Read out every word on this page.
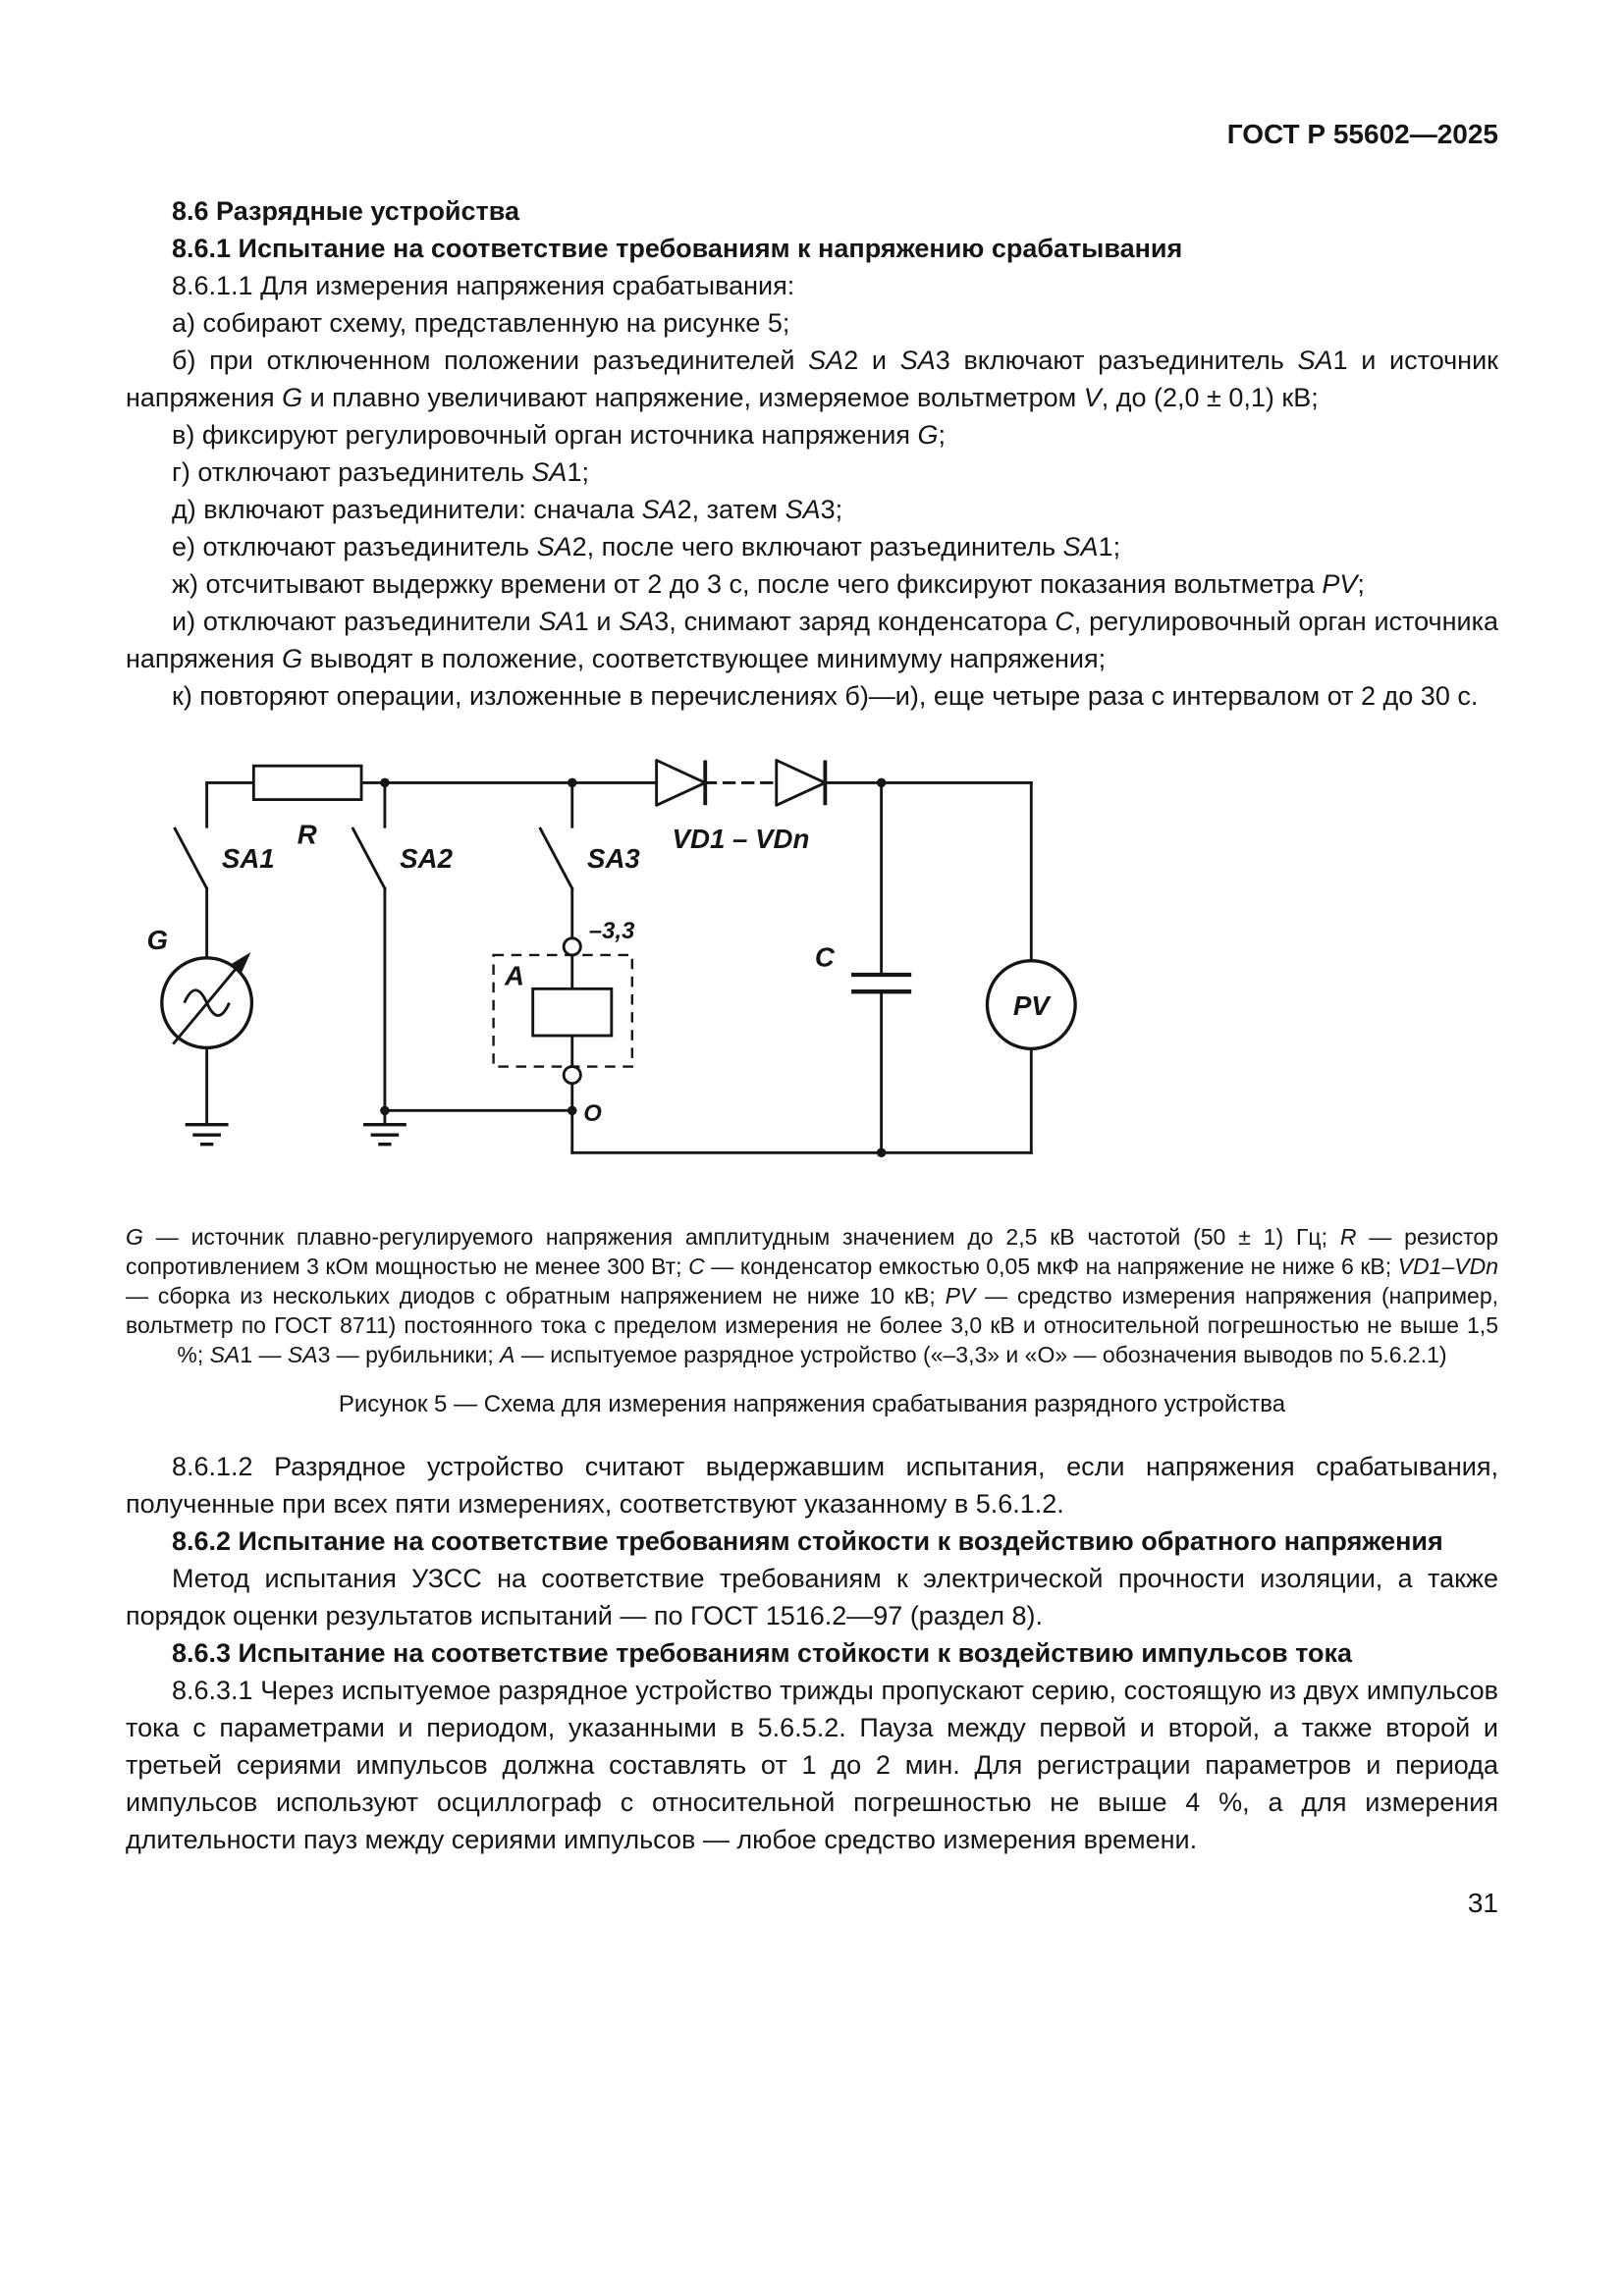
ГОСТ Р 55602—2025

8.6 Разрядные устройства

8.6.1 Испытание на соответствие требованиям к напряжению срабатывания

8.6.1.1 Для измерения напряжения срабатывания:

а) собирают схему, представленную на рисунке 5;

б) при отключенном положении разъединителей SA2 и SA3 включают разъединитель SA1 и источник напряжения G и плавно увеличивают напряжение, измеряемое вольтметром V, до (2,0 ± 0,1) кВ;

в) фиксируют регулировочный орган источника напряжения G;

г) отключают разъединитель SA1;

д) включают разъединители: сначала SA2, затем SA3;

е) отключают разъединитель SA2, после чего включают разъединитель SA1;

ж) отсчитывают выдержку времени от 2 до 3 с, после чего фиксируют показания вольтметра PV;

и) отключают разъединители SA1 и SA3, снимают заряд конденсатора C, регулировочный орган источника напряжения G выводят в положение, соответствующее минимуму напряжения;

к) повторяют операции, изложенные в перечислениях б)—и), еще четыре раза с интервалом от 2 до 30 с.

R
SA1	SA2	SA3
VD1 – VDn
G
A
–3,3
O
C
PV
G — источник плавно-регулируемого напряжения амплитудным значением до 2,5 кВ частотой (50 ± 1) Гц; R — резистор сопротивлением 3 кОм мощностью не менее 300 Вт; C — конденсатор емкостью 0,05 мкФ на напряжение не ниже 6 кВ; VD1–VDn — сборка из нескольких диодов с обратным напряжением не ниже 10 кВ; PV — средство измерения напряжения (например, вольтметр по ГОСТ 8711) постоянного тока с пределом измерения не более 3,0 кВ и относительной погрешностью не выше 1,5 %; SA1 — SA3 — рубильники; A — испытуемое разрядное устройство («–3,3» и «О» — обозначения выводов по 5.6.2.1)
Рисунок 5 — Схема для измерения напряжения срабатывания разрядного устройства

8.6.1.2 Разрядное устройство считают выдержавшим испытания, если напряжения срабатывания, полученные при всех пяти измерениях, соответствуют указанному в 5.6.1.2.

8.6.2 Испытание на соответствие требованиям стойкости к воздействию обратного напряжения

Метод испытания УЗСС на соответствие требованиям к электрической прочности изоляции, а также порядок оценки результатов испытаний — по ГОСТ 1516.2—97 (раздел 8).

8.6.3 Испытание на соответствие требованиям стойкости к воздействию импульсов тока

8.6.3.1 Через испытуемое разрядное устройство трижды пропускают серию, состоящую из двух импульсов тока с параметрами и периодом, указанными в 5.6.5.2. Пауза между первой и второй, а также второй и третьей сериями импульсов должна составлять от 1 до 2 мин. Для регистрации параметров и периода импульсов используют осциллограф с относительной погрешностью не выше 4 %, а для измерения длительности пауз между сериями импульсов — любое средство измерения времени.

31
